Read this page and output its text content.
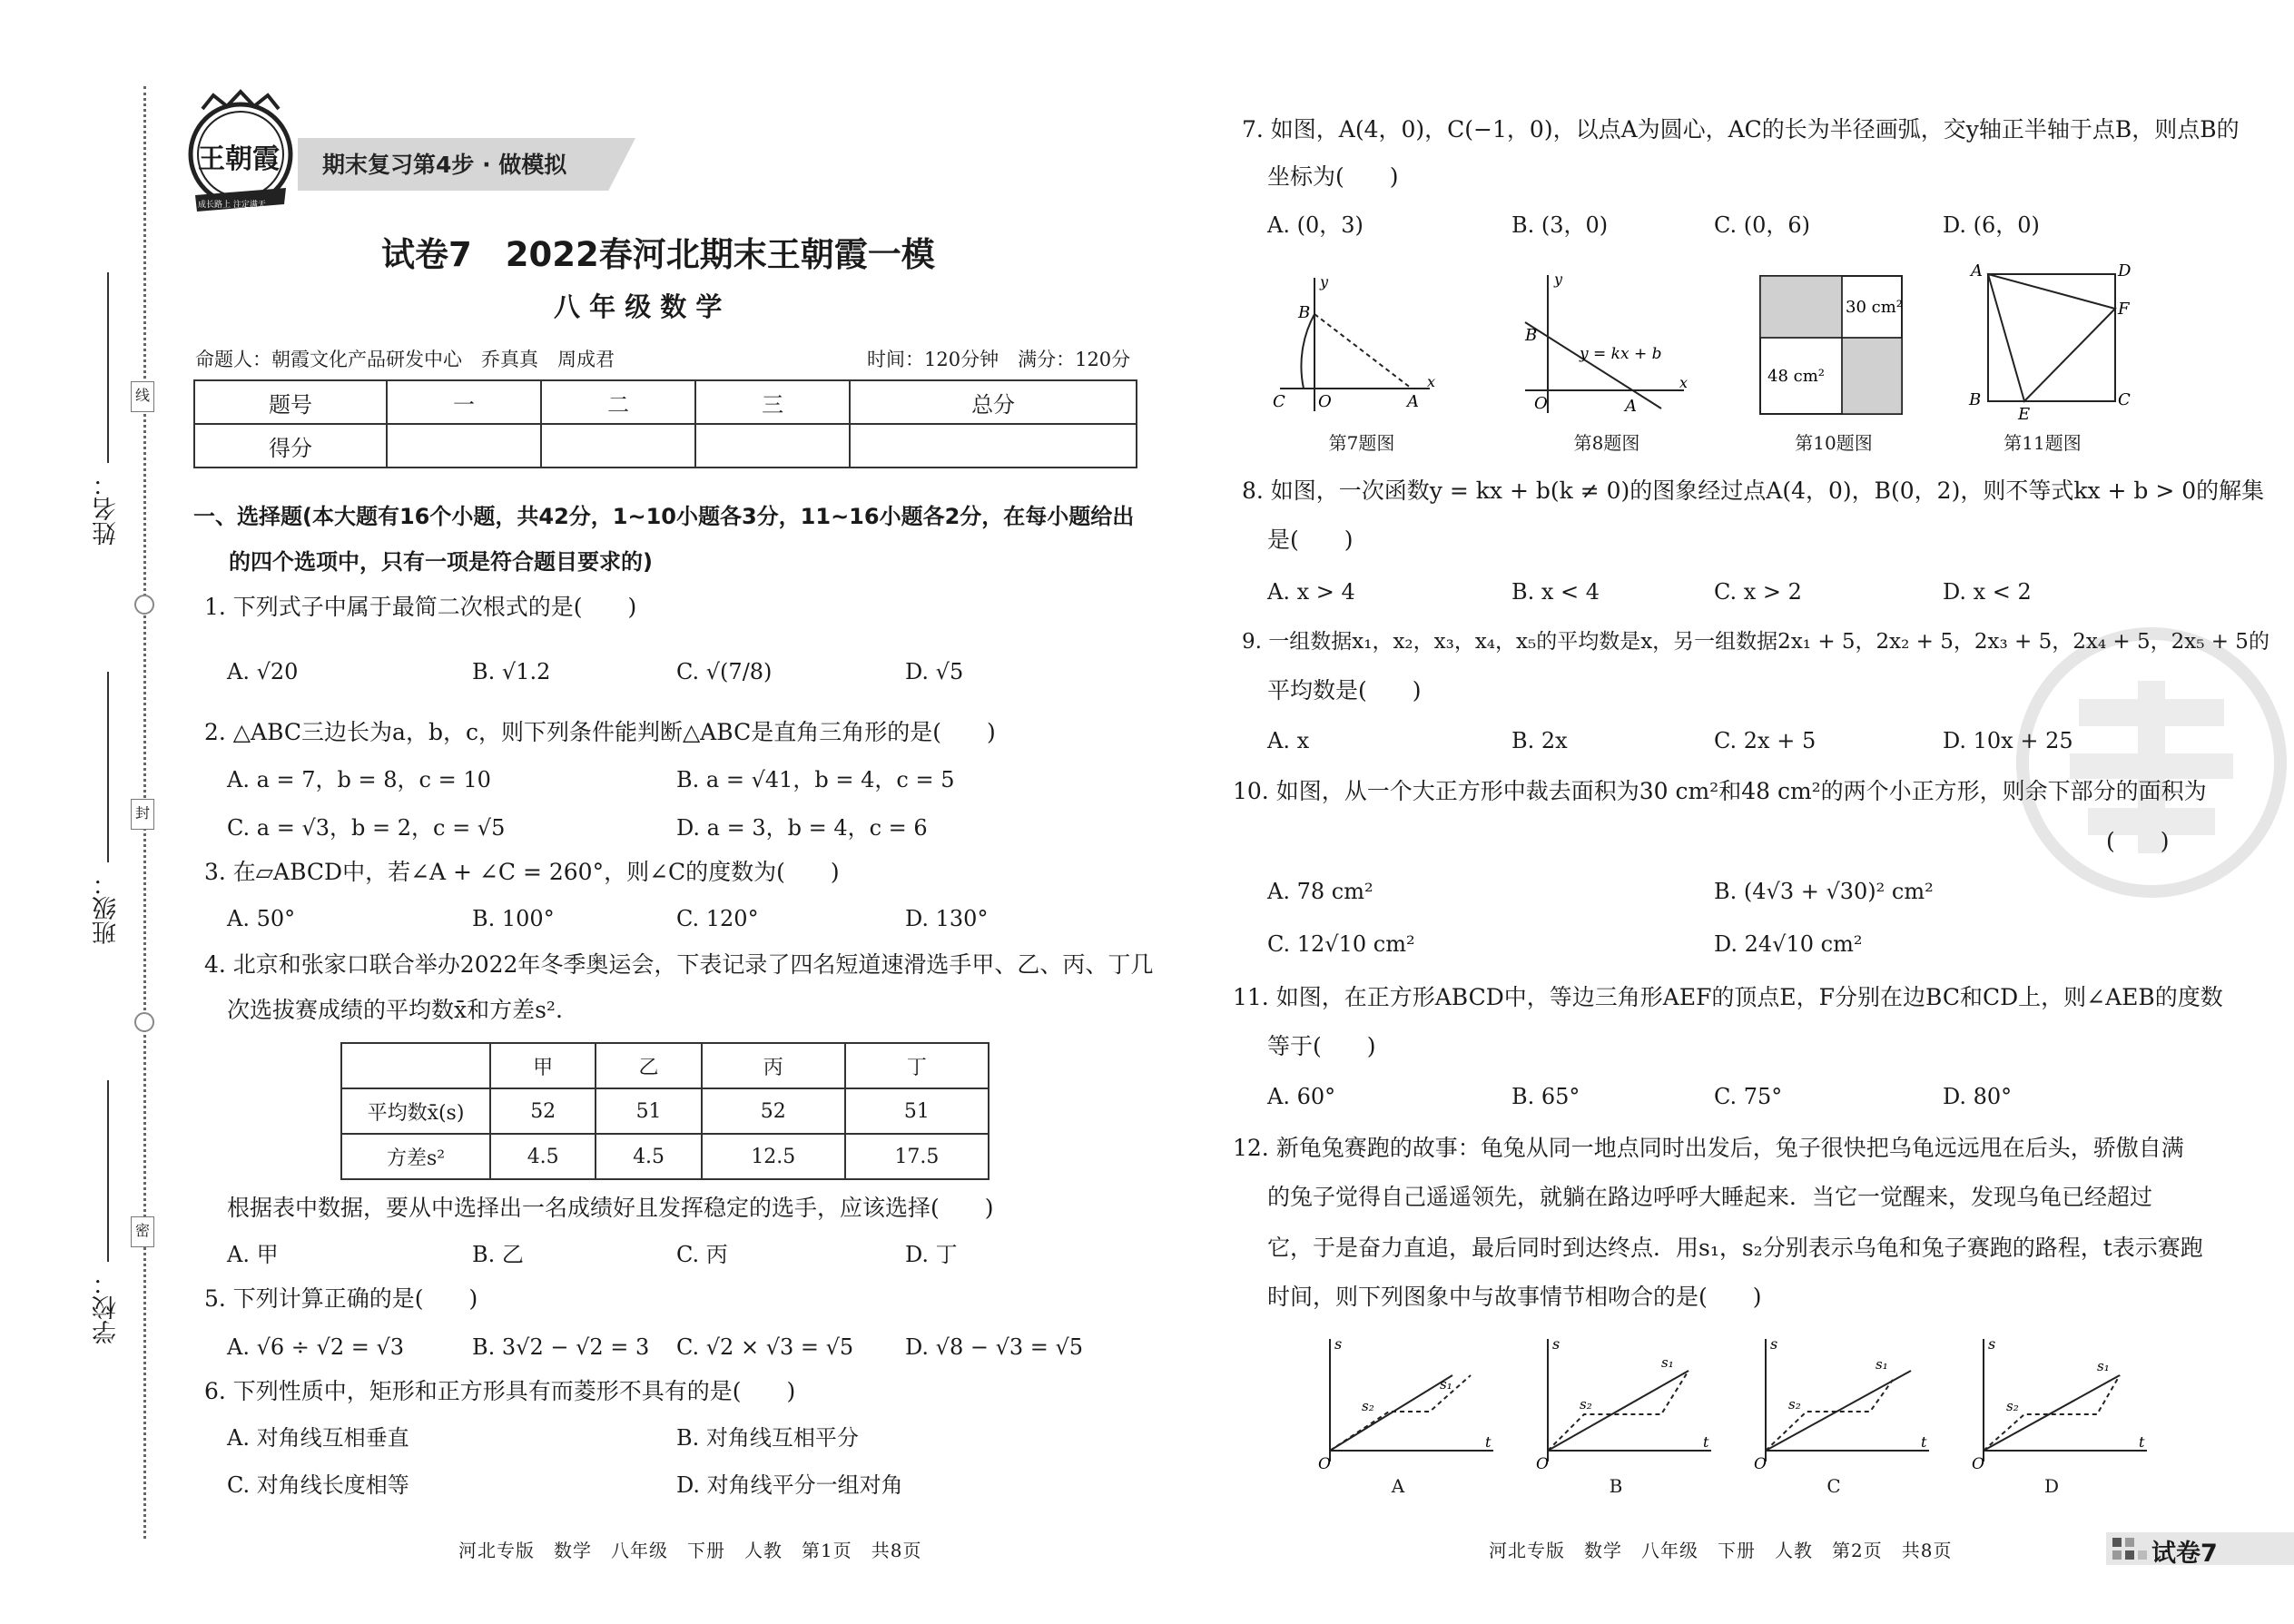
姓名：
班级：
学校：
线
封
密
王朝霞
成长路上 注定满天
期末复习第4步 · 做模拟
试卷7　2022春河北期末王朝霞一模
八 年 级 数 学
命题人：朝霞文化产品研发中心　乔真真　周成君	时间：120分钟　满分：120分
题号	一	二	三	总分
得分				
一、选择题(本大题有16个小题，共42分，1~10小题各3分，11~16小题各2分，在每小题给出
的四个选项中，只有一项是符合题目要求的)
1. 下列式子中属于最简二次根式的是(　　)
A. √20	B. √1.2	C. √(7/8)	D. √5
2. △ABC三边长为a，b，c，则下列条件能判断△ABC是直角三角形的是(　　)
A. a = 7，b = 8，c = 10	B. a = √41，b = 4，c = 5
C. a = √3，b = 2，c = √5	D. a = 3，b = 4，c = 6
3. 在▱ABCD中，若∠A + ∠C = 260°，则∠C的度数为(　　)
A. 50°	B. 100°	C. 120°	D. 130°
4. 北京和张家口联合举办2022年冬季奥运会，下表记录了四名短道速滑选手甲、乙、丙、丁几
次选拔赛成绩的平均数x̄和方差s².
	甲	乙	丙	丁
平均数x̄(s)	52	51	52	51
方差s²	4.5	4.5	12.5	17.5
根据表中数据，要从中选择出一名成绩好且发挥稳定的选手，应该选择(　　)
A. 甲	B. 乙	C. 丙	D. 丁
5. 下列计算正确的是(　　)
A. √6 ÷ √2 = √3	B. 3√2 − √2 = 3 C. √2 × √3 = √5 D. √8 − √3 = √5
6. 下列性质中，矩形和正方形具有而菱形不具有的是(　　)
A. 对角线互相垂直	B. 对角线互相平分
C. 对角线长度相等	D. 对角线平分一组对角
河北专版　数学　八年级　下册　人教　第1页　共8页
7. 如图，A(4，0)，C(−1，0)，以点A为圆心，AC的长为半径画弧，交y轴正半轴于点B，则点B的
坐标为(　　)
A. (0，3)	B. (3，0)	C. (0，6)	D. (6，0)
C O	A
B
x
y
第7题图
B
O	A
x
y
y = kx + b
第8题图
30 cm²
48 cm²
第10题图
A	D
B	C
E
F
第11题图
8. 如图，一次函数y = kx + b(k ≠ 0)的图象经过点A(4，0)，B(0，2)，则不等式kx + b > 0的解集
是(　　)
A. x > 4	B. x < 4	C. x > 2	D. x < 2
9. 一组数据x₁，x₂，x₃，x₄，x₅的平均数是x，另一组数据2x₁ + 5，2x₂ + 5，2x₃ + 5，2x₄ + 5，2x₅ + 5的
平均数是(　　)
A. x	B. 2x	C. 2x + 5	D. 10x + 25
10. 如图，从一个大正方形中裁去面积为30 cm²和48 cm²的两个小正方形，则余下部分的面积为
(　　)
A. 78 cm²	B. (4√3 + √30)² cm²
C. 12√10 cm²	D. 24√10 cm²
11. 如图，在正方形ABCD中，等边三角形AEF的顶点E，F分别在边BC和CD上，则∠AEB的度数
等于(　　)
A. 60°	B. 65°	C. 75°	D. 80°
12. 新龟兔赛跑的故事：龟兔从同一地点同时出发后，兔子很快把乌龟远远甩在后头，骄傲自满
的兔子觉得自己遥遥领先，就躺在路边呼呼大睡起来．当它一觉醒来，发现乌龟已经超过
它，于是奋力直追，最后同时到达终点．用s₁，s₂分别表示乌龟和兔子赛跑的路程，t表示赛跑
时间，则下列图象中与故事情节相吻合的是(　　)
O
s
t
s₂
s₁
A
O
s
t
s₂
s₁
B
O
s
t
s₂
s₁
C
O
s
t
s₂
s₁
D
河北专版　数学　八年级　下册　人教　第2页　共8页	试卷7
